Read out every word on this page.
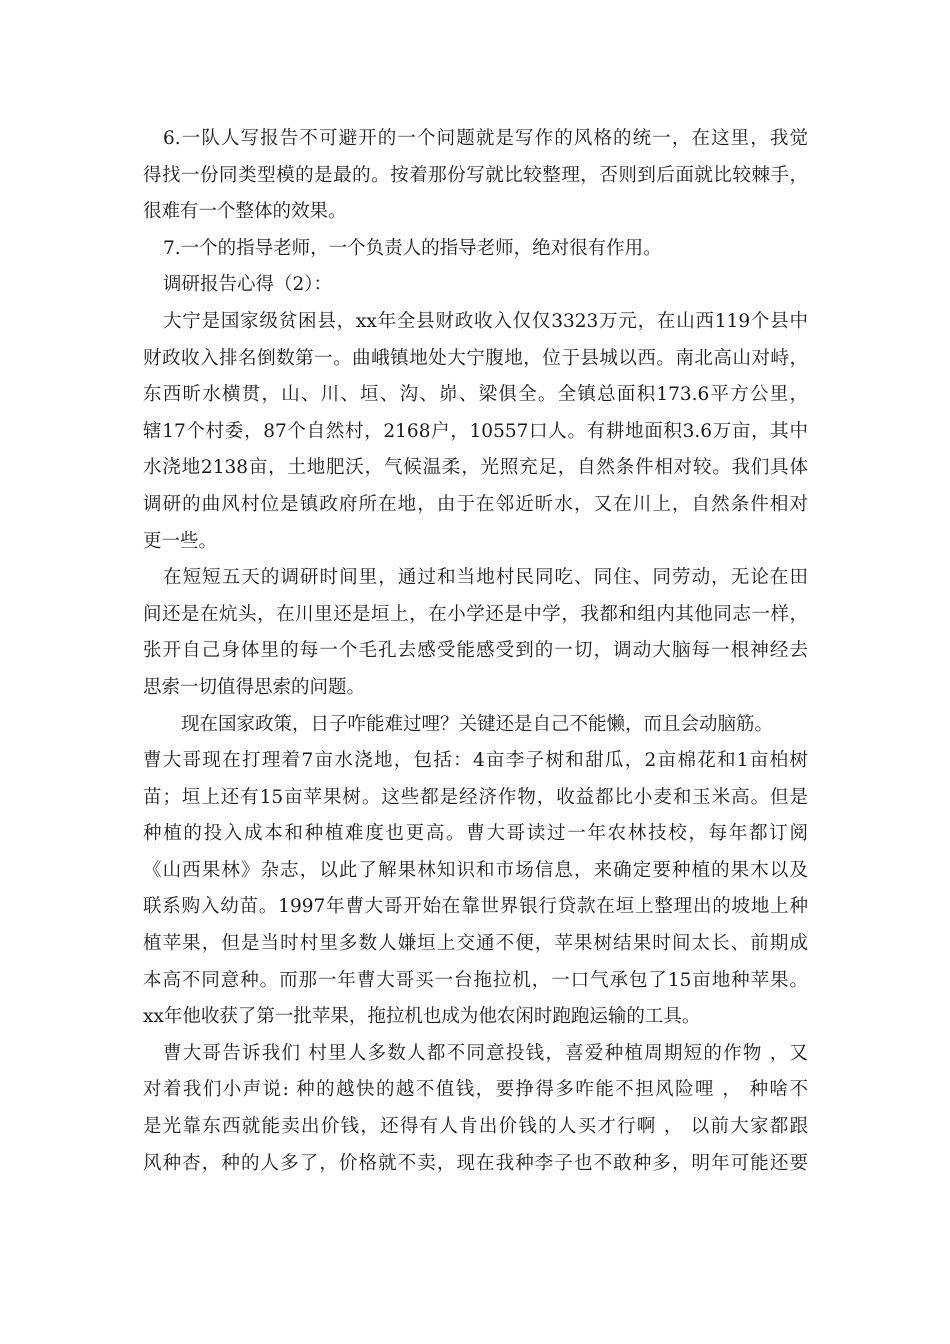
6.一队人写报告不可避开的一个问题就是写作的风格的统一，在这里，我觉
得找一份同类型模的是最的。按着那份写就比较整理，否则到后面就比较棘手，
很难有一个整体的效果。
7.一个的指导老师，一个负责人的指导老师，绝对很有作用。
调研报告心得（2）：
大宁是国家级贫困县，xx年全县财政收入仅仅3323万元，在山西119个县中
财政收入排名倒数第一。曲峨镇地处大宁腹地，位于县城以西。南北高山对峙，
东西昕水横贯，山、川、垣、沟、峁、梁俱全。全镇总面积173.6平方公里，
辖17个村委，87个自然村，2168户，10557口人。有耕地面积3.6万亩，其中
水浇地2138亩，土地肥沃，气候温柔，光照充足，自然条件相对较。我们具体
调研的曲风村位是镇政府所在地，由于在邻近昕水，又在川上，自然条件相对
更一些。
在短短五天的调研时间里，通过和当地村民同吃、同住、同劳动，无论在田
间还是在炕头，在川里还是垣上，在小学还是中学，我都和组内其他同志一样，
张开自己身体里的每一个毛孔去感受能感受到的一切，调动大脑每一根神经去
思索一切值得思索的问题。
现在国家政策，日子咋能难过哩？关键还是自己不能懒，而且会动脑筋。
曹大哥现在打理着7亩水浇地，包括：4亩李子树和甜瓜，2亩棉花和1亩柏树
苗；垣上还有15亩苹果树。这些都是经济作物，收益都比小麦和玉米高。但是
种植的投入成本和种植难度也更高。曹大哥读过一年农林技校，每年都订阅
《山西果林》杂志，以此了解果林知识和市场信息，来确定要种植的果木以及
联系购入幼苗。1997年曹大哥开始在靠世界银行贷款在垣上整理出的坡地上种
植苹果，但是当时村里多数人嫌垣上交通不便，苹果树结果时间太长、前期成
本高不同意种。而那一年曹大哥买一台拖拉机，一口气承包了15亩地种苹果。
xx年他收获了第一批苹果，拖拉机也成为他农闲时跑跑运输的工具。
曹大哥告诉我们 村里人多数人都不同意投钱，喜爱种植周期短的作物 ，又
对着我们小声说: 种的越快的越不值钱，要挣得多咋能不担风险哩 ， 种啥不
是光靠东西就能卖出价钱，还得有人肯出价钱的人买才行啊 ， 以前大家都跟
风种杏，种的人多了，价格就不卖，现在我种李子也不敢种多，明年可能还要
